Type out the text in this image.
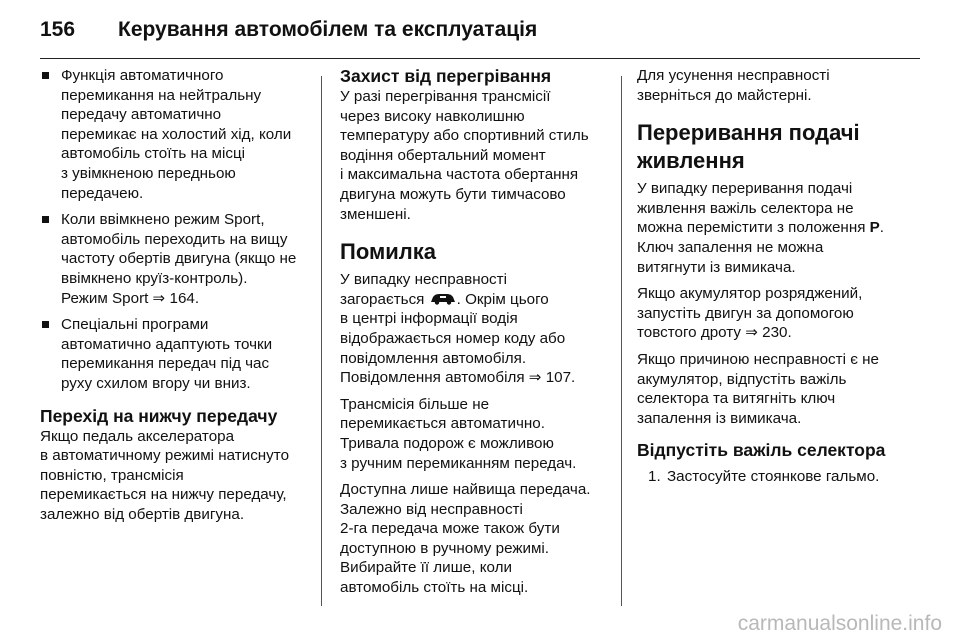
156	Керування автомобілем та експлуатація
Функція автоматичного
перемикання на нейтральну
передачу автоматично
перемикає на холостий хід, коли
автомобіль стоїть на місці
з увімкненою передньою
передачею.
Коли ввімкнено режим Sport,
автомобіль переходить на вищу
частоту обертів двигуна (якщо не
ввімкнено круїз-контроль).
Режим Sport ⇒ 164.
Спеціальні програми
автоматично адаптують точки
перемикання передач під час
руху схилом вгору чи вниз.
Перехід на нижчу передачу
Якщо педаль акселератора
в автоматичному режимі натиснуто
повністю, трансмісія
перемикається на нижчу передачу,
залежно від обертів двигуна.
Захист від перегрівання

У разі перегрівання трансмісії
через високу навколишню
температуру або спортивний стиль
водіння обертальний момент
і максимальна частота обертання
двигуна можуть бути тимчасово
зменшені.

Помилка

У випадку несправності
загорається . Окрім цього
в центрі інформації водія
відображається номер коду або
повідомлення автомобіля.
Повідомлення автомобіля ⇒ 107.

Трансмісія більше не
перемикається автоматично.
Тривала подорож є можливою
з ручним перемиканням передач.

Доступна лише найвища передача.
Залежно від несправності
2-га передача може також бути
доступною в ручному режимі.
Вибирайте її лише, коли
автомобіль стоїть на місці.

Для усунення несправності
зверніться до майстерні.

Переривання подачі
живлення

У випадку переривання подачі
живлення важіль селектора не
можна перемістити з положення P.
Ключ запалення не можна
витягнути із вимикача.

Якщо акумулятор розряджений,
запустіть двигун за допомогою
товстого дроту ⇒ 230.

Якщо причиною несправності є не
акумулятор, відпустіть важіль
селектора та витягніть ключ
запалення із вимикача.

Відпустіть важіль селектора
1. Застосуйте стоянкове гальмо.
carmanualsonline.info
